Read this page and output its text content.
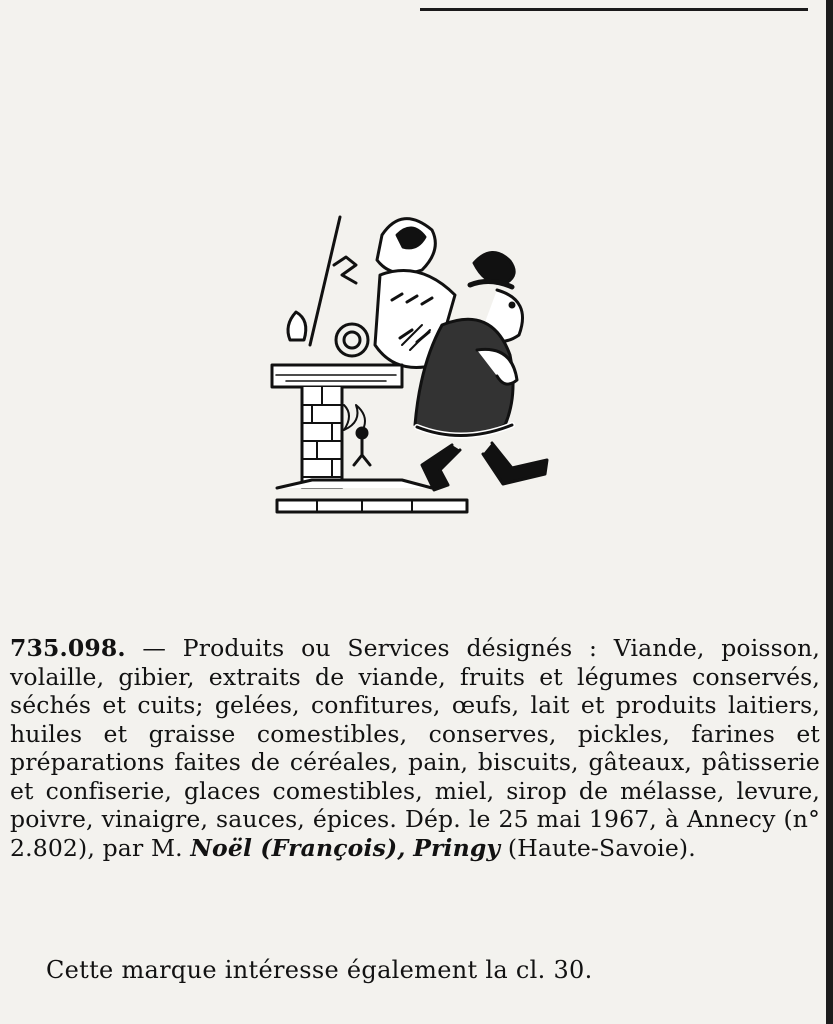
735.098. — Produits ou Services désignés : Viande, poisson, volaille, gibier, extraits de viande, fruits et légumes conservés, séchés et cuits; gelées, confitures, œufs, lait et produits laitiers, huiles et graisse comestibles, conserves, pickles, farines et préparations faites de céréales, pain, biscuits, gâteaux, pâtisserie et confiserie, glaces comestibles, miel, sirop de mélasse, levure, poivre, vinaigre, sauces, épices. Dép. le 25 mai 1967, à Annecy (n° 2.802), par M. Noël (François), Pringy (Haute-Savoie).
Cette marque intéresse également la cl. 30.
